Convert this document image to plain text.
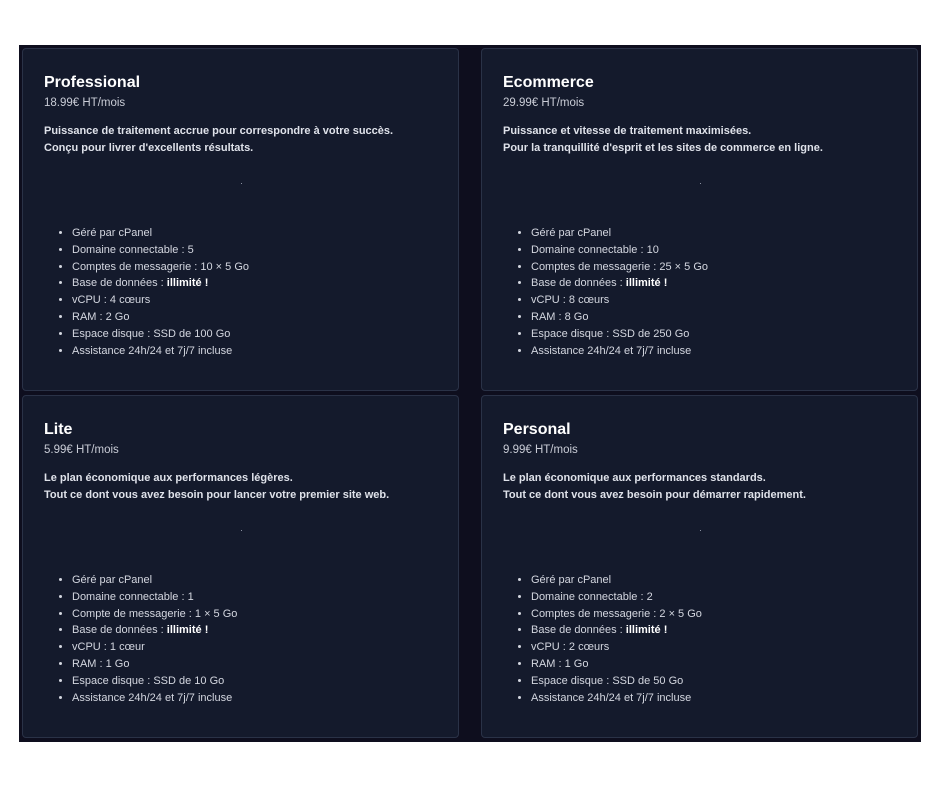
Professional
18.99€ HT/mois
Puissance de traitement accrue pour correspondre à votre succès.
Conçu pour livrer d'excellents résultats.
• Géré par cPanel
• Domaine connectable : 5
• Comptes de messagerie : 10 × 5 Go
• Base de données : illimité !
• vCPU : 4 cœurs
• RAM : 2 Go
• Espace disque : SSD de 100 Go
• Assistance 24h/24 et 7j/7 incluse
Ecommerce
29.99€ HT/mois
Puissance et vitesse de traitement maximisées.
Pour la tranquillité d'esprit et les sites de commerce en ligne.
• Géré par cPanel
• Domaine connectable : 10
• Comptes de messagerie : 25 × 5 Go
• Base de données : illimité !
• vCPU : 8 cœurs
• RAM : 8 Go
• Espace disque : SSD de 250 Go
• Assistance 24h/24 et 7j/7 incluse
Lite
5.99€ HT/mois
Le plan économique aux performances légères.
Tout ce dont vous avez besoin pour lancer votre premier site web.
• Géré par cPanel
• Domaine connectable : 1
• Compte de messagerie : 1 × 5 Go
• Base de données : illimité !
• vCPU : 1 cœur
• RAM : 1 Go
• Espace disque : SSD de 10 Go
• Assistance 24h/24 et 7j/7 incluse
Personal
9.99€ HT/mois
Le plan économique aux performances standards.
Tout ce dont vous avez besoin pour démarrer rapidement.
• Géré par cPanel
• Domaine connectable : 2
• Comptes de messagerie : 2 × 5 Go
• Base de données : illimité !
• vCPU : 2 cœurs
• RAM : 1 Go
• Espace disque : SSD de 50 Go
• Assistance 24h/24 et 7j/7 incluse
